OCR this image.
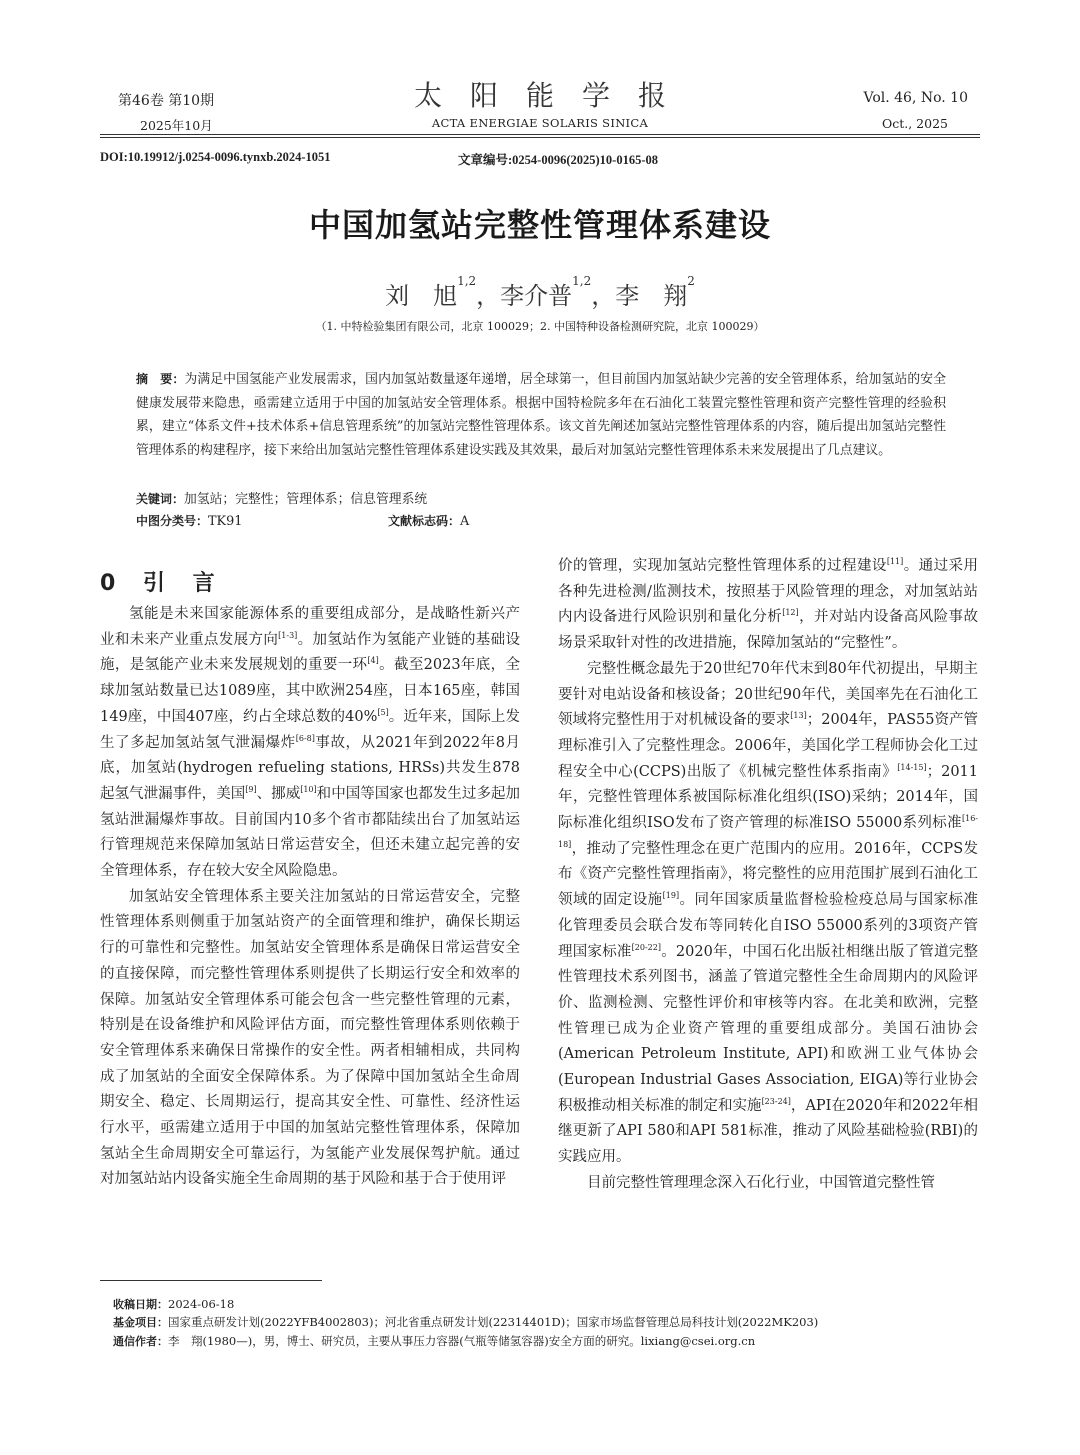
第46卷 第10期
2025年10月
太阳能学报
ACTA ENERGIAE SOLARIS SINICA
Vol. 46, No. 10
Oct., 2025
DOI:10.19912/j.0254-0096.tynxb.2024-1051	文章编号:0254-0096(2025)10-0165-08
中国加氢站完整性管理体系建设
刘　旭$^{1,2}$，李介普$^{1,2}$，李　翔$^2$
（1. 中特检验集团有限公司，北京 100029；2. 中国特种设备检测研究院，北京 100029）
摘　要：为满足中国氢能产业发展需求，国内加氢站数量逐年递增，居全球第一，但目前国内加氢站缺少完善的安全管理体系，给加氢站的安全健康发展带来隐患，亟需建立适用于中国的加氢站安全管理体系。根据中国特检院多年在石油化工装置完整性管理和资产完整性管理的经验积累，建立“体系文件+技术体系+信息管理系统”的加氢站完整性管理体系。该文首先阐述加氢站完整性管理体系的内容，随后提出加氢站完整性管理体系的构建程序，接下来给出加氢站完整性管理体系建设实践及其效果，最后对加氢站完整性管理体系未来发展提出了几点建议。
关键词：加氢站；完整性；管理体系；信息管理系统
中图分类号：TK91	文献标志码：A
0 引 言

氢能是未来国家能源体系的重要组成部分，是战略性新兴产业和未来产业重点发展方向[1-3]。加氢站作为氢能产业链的基础设施，是氢能产业未来发展规划的重要一环[4]。截至2023年底，全球加氢站数量已达1089座，其中欧洲254座，日本165座，韩国149座，中国407座，约占全球总数的40%[5]。近年来，国际上发生了多起加氢站氢气泄漏爆炸[6-8]事故，从2021年到2022年8月底，加氢站(hydrogen refueling stations, HRSs)共发生878起氢气泄漏事件，美国[9]、挪威[10]和中国等国家也都发生过多起加氢站泄漏爆炸事故。目前国内10多个省市都陆续出台了加氢站运行管理规范来保障加氢站日常运营安全，但还未建立起完善的安全管理体系，存在较大安全风险隐患。

加氢站安全管理体系主要关注加氢站的日常运营安全，完整性管理体系则侧重于加氢站资产的全面管理和维护，确保长期运行的可靠性和完整性。加氢站安全管理体系是确保日常运营安全的直接保障，而完整性管理体系则提供了长期运行安全和效率的保障。加氢站安全管理体系可能会包含一些完整性管理的元素，特别是在设备维护和风险评估方面，而完整性管理体系则依赖于安全管理体系来确保日常操作的安全性。两者相辅相成，共同构成了加氢站的全面安全保障体系。为了保障中国加氢站全生命周期安全、稳定、长周期运行，提高其安全性、可靠性、经济性运行水平，亟需建立适用于中国的加氢站完整性管理体系，保障加氢站全生命周期安全可靠运行，为氢能产业发展保驾护航。通过对加氢站站内设备实施全生命周期的基于风险和基于合于使用评

价的管理，实现加氢站完整性管理体系的过程建设[11]。通过采用各种先进检测/监测技术，按照基于风险管理的理念，对加氢站站内内设备进行风险识别和量化分析[12]，并对站内设备高风险事故场景采取针对性的改进措施，保障加氢站的“完整性”。

完整性概念最先于20世纪70年代末到80年代初提出，早期主要针对电站设备和核设备；20世纪90年代，美国率先在石油化工领域将完整性用于对机械设备的要求[13]；2004年，PAS55资产管理标准引入了完整性理念。2006年，美国化学工程师协会化工过程安全中心(CCPS)出版了《机械完整性体系指南》[14-15]；2011年，完整性管理体系被国际标准化组织(ISO)采纳；2014年，国际标准化组织ISO发布了资产管理的标准ISO 55000系列标准[16-18]，推动了完整性理念在更广范围内的应用。2016年，CCPS发布《资产完整性管理指南》，将完整性的应用范围扩展到石油化工领域的固定设施[19]。同年国家质量监督检验检疫总局与国家标准化管理委员会联合发布等同转化自ISO 55000系列的3项资产管理国家标准[20-22]。2020年，中国石化出版社相继出版了管道完整性管理技术系列图书，涵盖了管道完整性全生命周期内的风险评价、监测检测、完整性评价和审核等内容。在北美和欧洲，完整性管理已成为企业资产管理的重要组成部分。美国石油协会(American Petroleum Institute, API)和欧洲工业气体协会(European Industrial Gases Association, EIGA)等行业协会积极推动相关标准的制定和实施[23-24]，API在2020年和2022年相继更新了API 580和API 581标准，推动了风险基础检验(RBI)的实践应用。

目前完整性管理理念深入石化行业，中国管道完整性管

收稿日期：2024-06-18
基金项目：国家重点研发计划(2022YFB4002803)；河北省重点研发计划(22314401D)；国家市场监督管理总局科技计划(2022MK203)
通信作者：李　翔(1980—)，男，博士、研究员，主要从事压力容器(气瓶等储氢容器)安全方面的研究。lixiang@csei.org.cn
